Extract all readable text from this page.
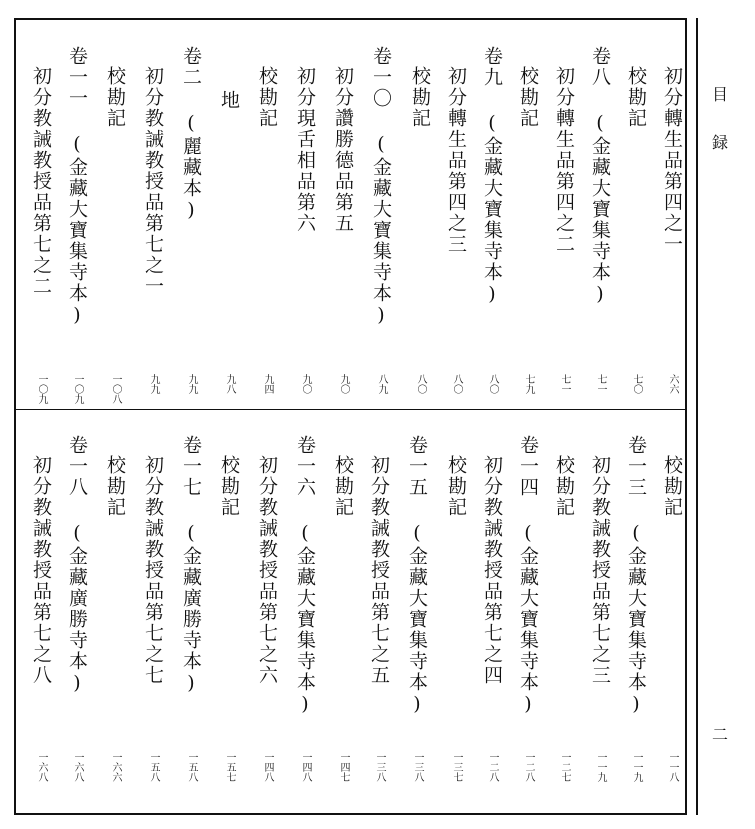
目
録
二
初分轉生品第四之一
校勘記
卷八 (金藏大寶集寺本)
初分轉生品第四之二
校勘記
卷九 (金藏大寶集寺本)
初分轉生品第四之三
校勘記
卷一〇 (金藏大寶集寺本)
初分讚勝德品第五
初分現舌相品第六
校勘記
地
卷二 (麗藏本)
初分教誡教授品第七之一
校勘記
卷一一 (金藏大寶集寺本)
初分教誡教授品第七之二
六六
七〇
七一
七一
七九
八〇
八〇
八〇
八九
九〇
九〇
九四
九八
九九
九九
一〇八
一〇九
一〇九
校勘記
卷一三 (金藏大寶集寺本)
初分教誡教授品第七之三
校勘記
卷一四 (金藏大寶集寺本)
初分教誡教授品第七之四
校勘記
卷一五 (金藏大寶集寺本)
初分教誡教授品第七之五
校勘記
卷一六 (金藏大寶集寺本)
初分教誡教授品第七之六
校勘記
卷一七 (金藏廣勝寺本)
初分教誡教授品第七之七
校勘記
卷一八 (金藏廣勝寺本)
初分教誡教授品第七之八
一一八
一一九
一一九
一二七
一二八
一二八
一三七
一三八
一三八
一四七
一四八
一四八
一五七
一五八
一五八
一六六
一六八
一六八
